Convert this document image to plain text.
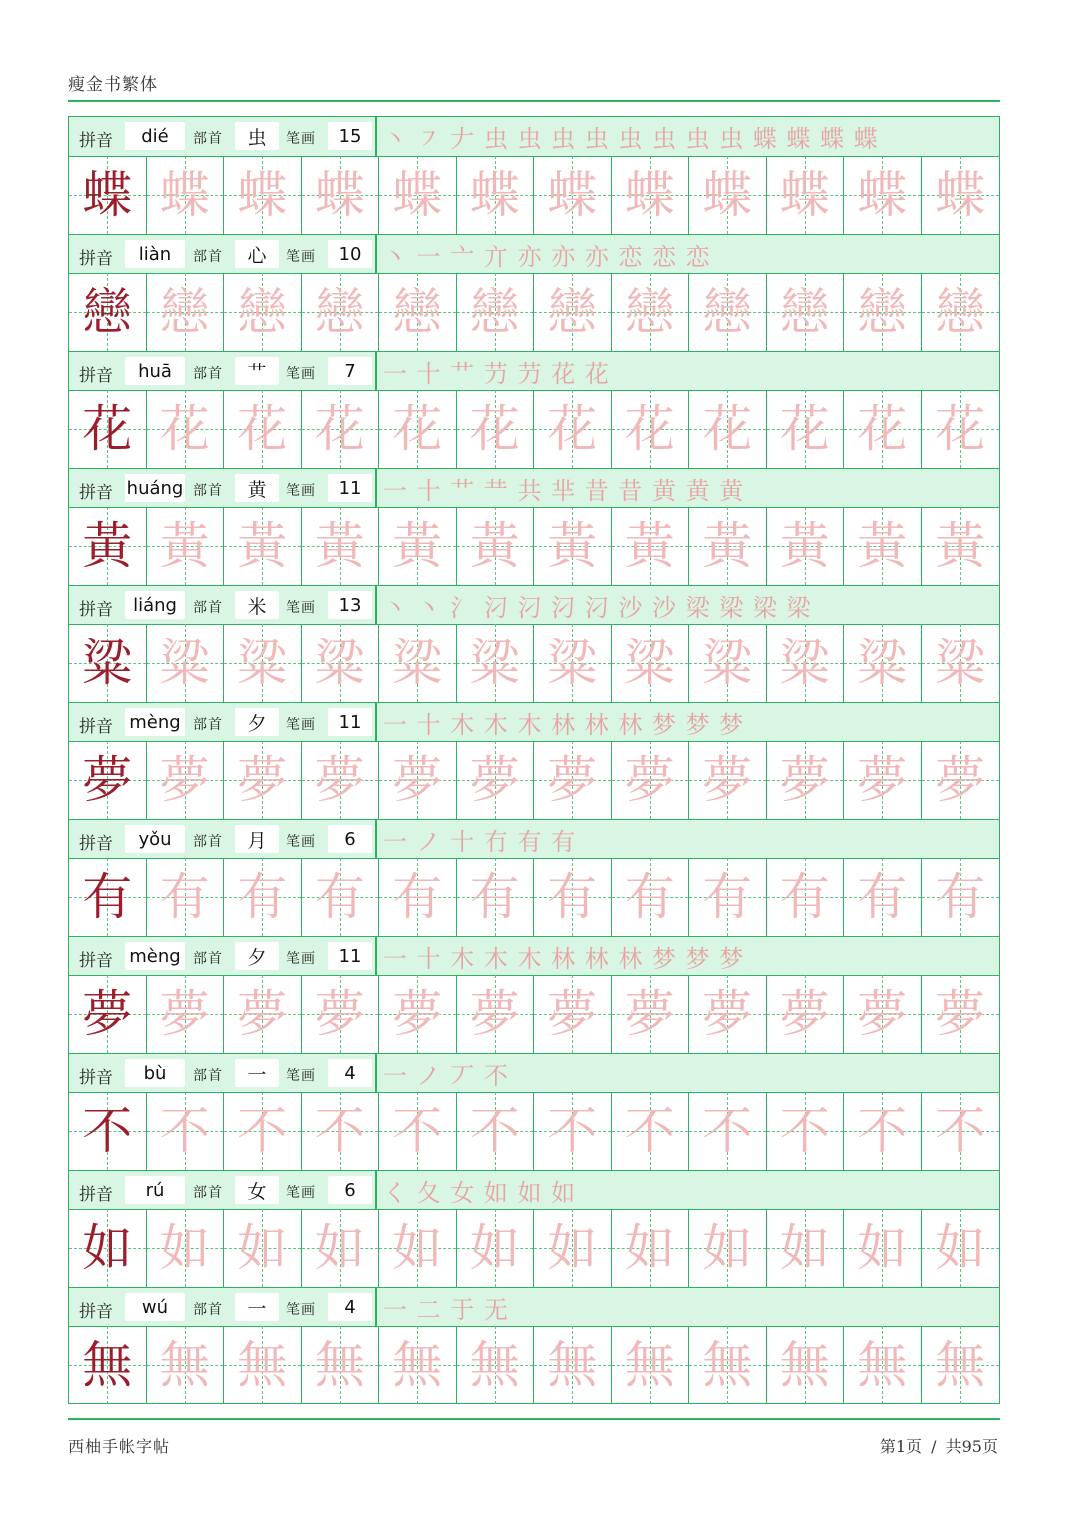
瘦金书繁体
拼音	dié	部首	虫	笔画	15 丶 ㇇ 𠂇 虫 虫 虫 虫 虫 虫 虫 虫 蝶 蝶 蝶 蝶
蝶 蝶 蝶 蝶 蝶 蝶 蝶 蝶 蝶 蝶 蝶 蝶
拼音	liàn	部首	心	笔画	10 丶 一 亠 亣 亦 亦 亦 恋 恋 恋
戀 戀 戀 戀 戀 戀 戀 戀 戀 戀 戀 戀
拼音	huā	部首	艹	笔画	7	一 十 艹 芀 芀 花 花
花 花 花 花 花 花 花 花 花 花 花 花
拼音 huáng 部首	黄	笔画	11 一 十 艹 龷 共 芈 昔 昔 黄 黄 黄
黃 黃 黃 黃 黃 黃 黃 黃 黃 黃 黃 黃
拼音	liáng	部首	米	笔画	13 丶 丶 氵 汈 汈 汈 汈 沙 沙 梁 梁 梁 梁
粱 粱 粱 粱 粱 粱 粱 粱 粱 粱 粱 粱
拼音 mèng 部首	夕	笔画	11 一 十 木 木 木 林 林 林 梦 梦 梦
夢 夢 夢 夢 夢 夢 夢 夢 夢 夢 夢 夢
拼音	yǒu	部首	月	笔画	6	一 ノ 十 冇 有 有
有 有 有 有 有 有 有 有 有 有 有 有
拼音 mèng 部首	夕	笔画	11 一 十 木 木 木 林 林 林 梦 梦 梦
夢 夢 夢 夢 夢 夢 夢 夢 夢 夢 夢 夢
拼音	bù	部首	一	笔画	4	一 ノ 丆 不
不 不 不 不 不 不 不 不 不 不 不 不
拼音	rú	部首	女	笔画	6	く 夂 女 如 如 如
如 如 如 如 如 如 如 如 如 如 如 如
拼音	wú	部首	一	笔画	4	一 二 于 无
無 無 無 無 無 無 無 無 無 無 無 無
西柚手帐字帖	第1页 / 共95页
